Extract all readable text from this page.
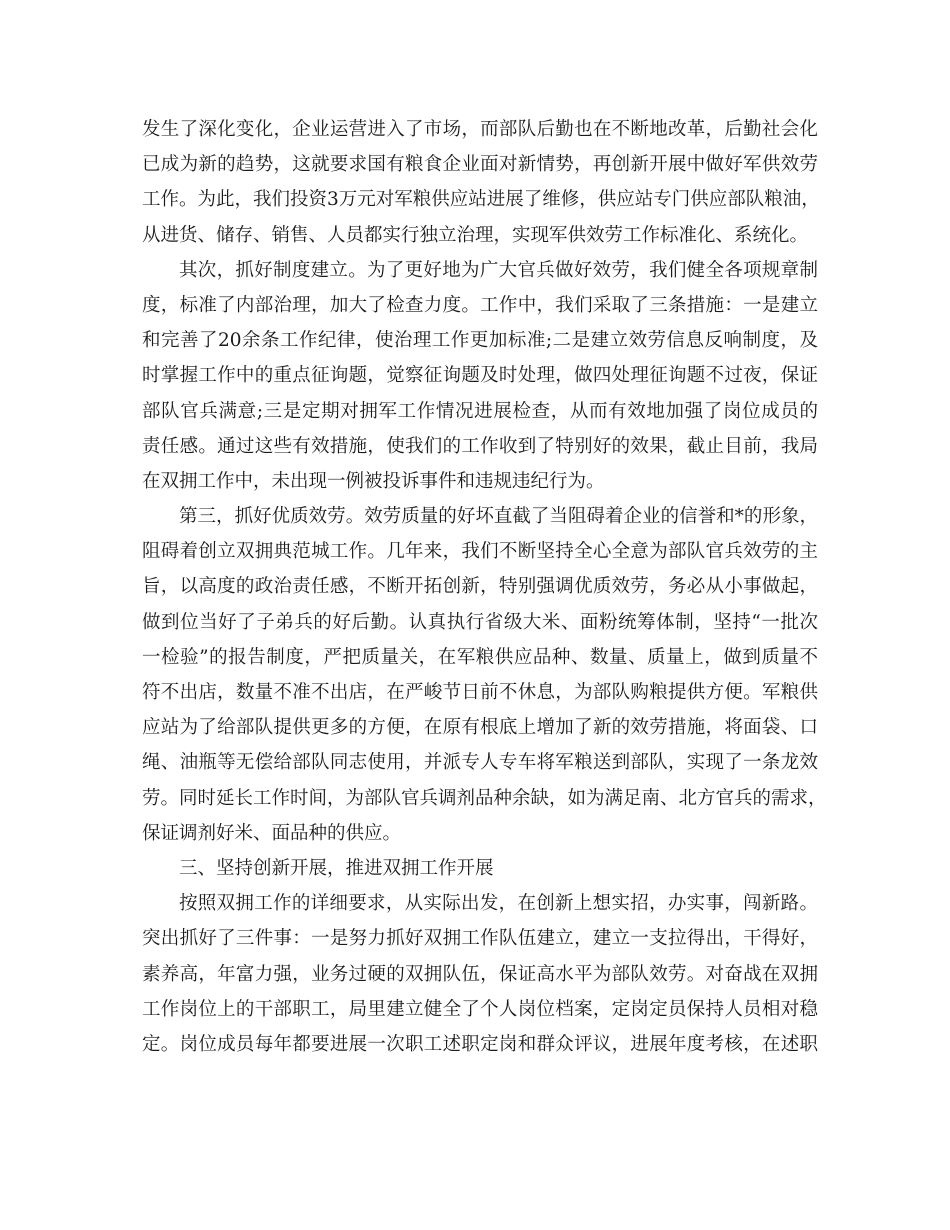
发生了深化变化，企业运营进入了市场，而部队后勤也在不断地改革，后勤社会化
已成为新的趋势，这就要求国有粮食企业面对新情势，再创新开展中做好军供效劳
工作。为此，我们投资3万元对军粮供应站进展了维修，供应站专门供应部队粮油，
从进货、储存、销售、人员都实行独立治理，实现军供效劳工作标准化、系统化。
其次，抓好制度建立。为了更好地为广大官兵做好效劳，我们健全各项规章制
度，标准了内部治理，加大了检查力度。工作中，我们采取了三条措施：一是建立
和完善了20余条工作纪律，使治理工作更加标准;二是建立效劳信息反响制度，及
时掌握工作中的重点征询题，觉察征询题及时处理，做四处理征询题不过夜，保证
部队官兵满意;三是定期对拥军工作情况进展检查，从而有效地加强了岗位成员的
责任感。通过这些有效措施，使我们的工作收到了特别好的效果，截止目前，我局
在双拥工作中，未出现一例被投诉事件和违规违纪行为。
第三，抓好优质效劳。效劳质量的好坏直截了当阻碍着企业的信誉和*的形象，
阻碍着创立双拥典范城工作。几年来，我们不断坚持全心全意为部队官兵效劳的主
旨，以高度的政治责任感，不断开拓创新，特别强调优质效劳，务必从小事做起，
做到位当好了子弟兵的好后勤。认真执行省级大米、面粉统筹体制，坚持“一批次
一检验”的报告制度，严把质量关，在军粮供应品种、数量、质量上，做到质量不
符不出店，数量不准不出店，在严峻节日前不休息，为部队购粮提供方便。军粮供
应站为了给部队提供更多的方便，在原有根底上增加了新的效劳措施，将面袋、口
绳、油瓶等无偿给部队同志使用，并派专人专车将军粮送到部队，实现了一条龙效
劳。同时延长工作时间，为部队官兵调剂品种余缺，如为满足南、北方官兵的需求，
保证调剂好米、面品种的供应。
三、坚持创新开展，推进双拥工作开展
按照双拥工作的详细要求，从实际出发，在创新上想实招，办实事，闯新路。
突出抓好了三件事：一是努力抓好双拥工作队伍建立，建立一支拉得出，干得好，
素养高，年富力强，业务过硬的双拥队伍，保证高水平为部队效劳。对奋战在双拥
工作岗位上的干部职工，局里建立健全了个人岗位档案，定岗定员保持人员相对稳
定。岗位成员每年都要进展一次职工述职定岗和群众评议，进展年度考核，在述职
